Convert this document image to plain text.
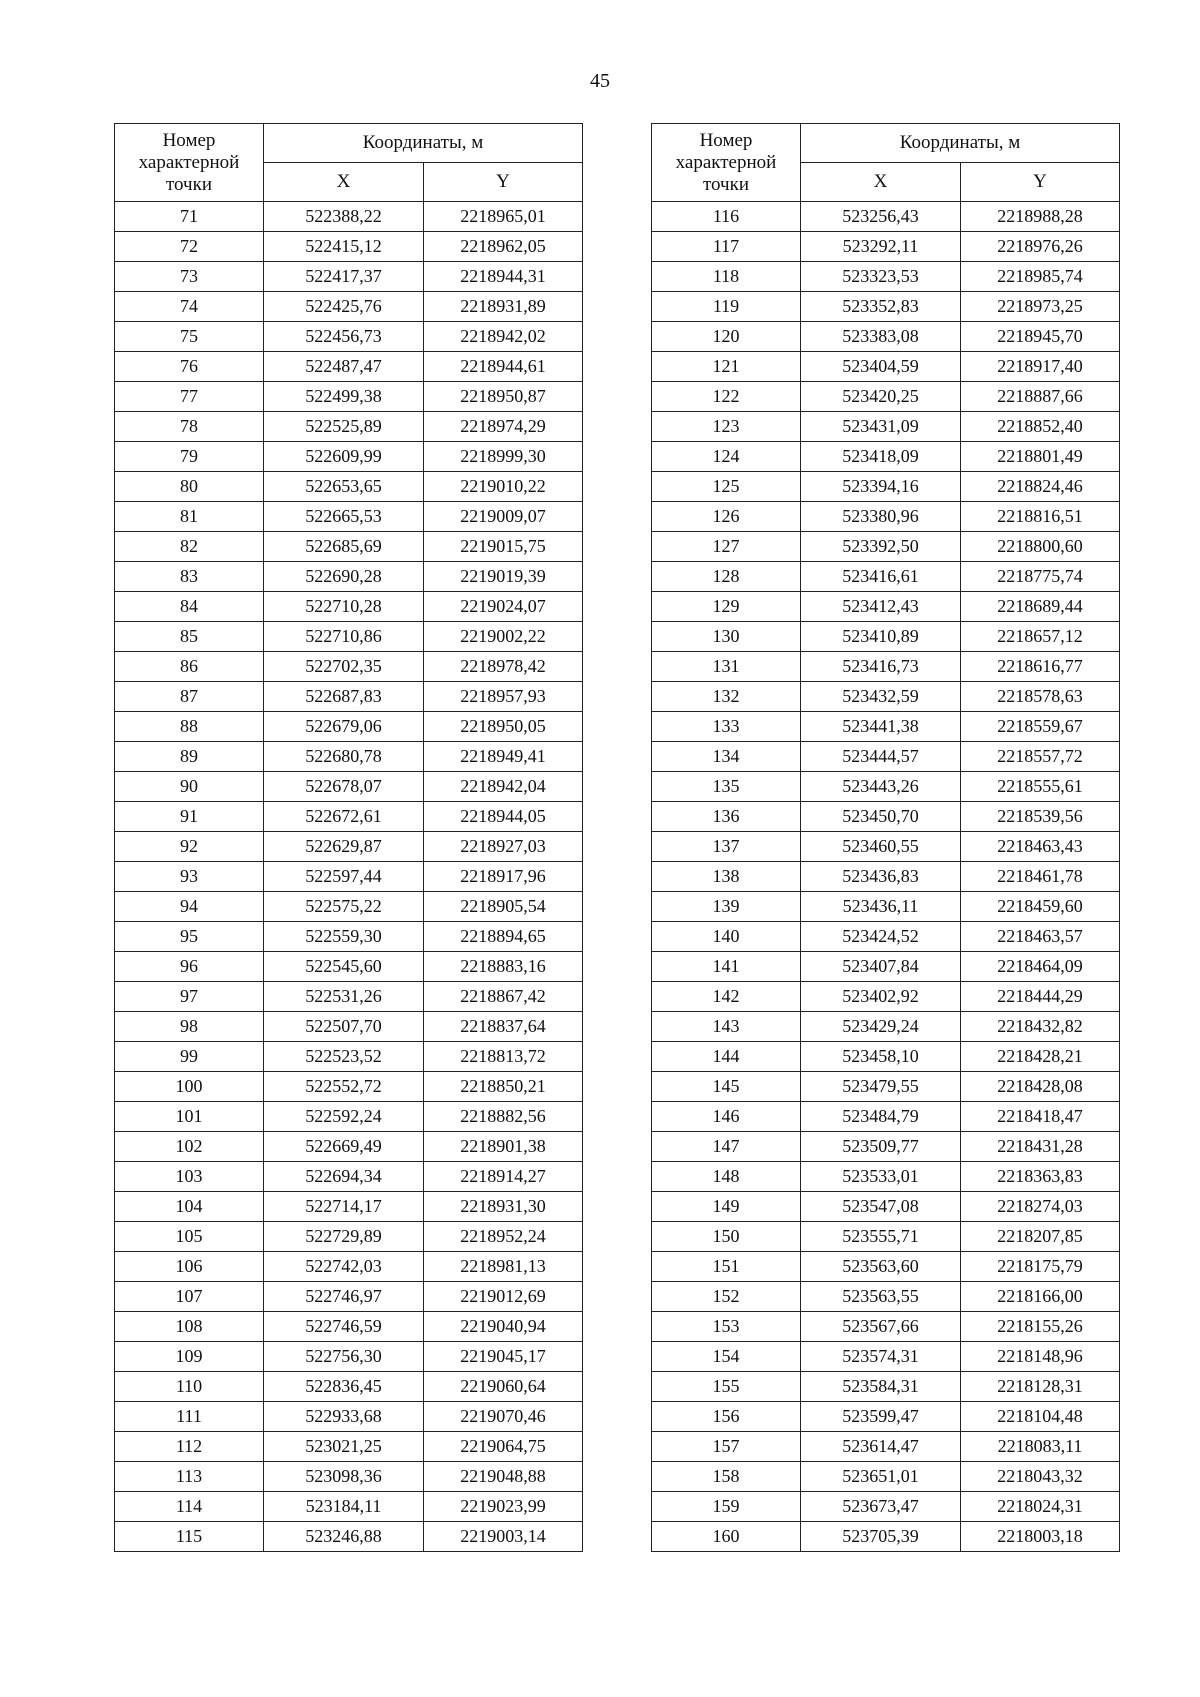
45
Номер характерной точки	Координаты, м	
	X	Y
71	522388,22	2218965,01
72	522415,12	2218962,05
73	522417,37	2218944,31
74	522425,76	2218931,89
75	522456,73	2218942,02
76	522487,47	2218944,61
77	522499,38	2218950,87
78	522525,89	2218974,29
79	522609,99	2218999,30
80	522653,65	2219010,22
81	522665,53	2219009,07
82	522685,69	2219015,75
83	522690,28	2219019,39
84	522710,28	2219024,07
85	522710,86	2219002,22
86	522702,35	2218978,42
87	522687,83	2218957,93
88	522679,06	2218950,05
89	522680,78	2218949,41
90	522678,07	2218942,04
91	522672,61	2218944,05
92	522629,87	2218927,03
93	522597,44	2218917,96
94	522575,22	2218905,54
95	522559,30	2218894,65
96	522545,60	2218883,16
97	522531,26	2218867,42
98	522507,70	2218837,64
99	522523,52	2218813,72
100	522552,72	2218850,21
101	522592,24	2218882,56
102	522669,49	2218901,38
103	522694,34	2218914,27
104	522714,17	2218931,30
105	522729,89	2218952,24
106	522742,03	2218981,13
107	522746,97	2219012,69
108	522746,59	2219040,94
109	522756,30	2219045,17
110	522836,45	2219060,64
111	522933,68	2219070,46
112	523021,25	2219064,75
113	523098,36	2219048,88
114	523184,11	2219023,99
115	523246,88	2219003,14
Номер характерной точки	Координаты, м	
	X	Y
116	523256,43	2218988,28
117	523292,11	2218976,26
118	523323,53	2218985,74
119	523352,83	2218973,25
120	523383,08	2218945,70
121	523404,59	2218917,40
122	523420,25	2218887,66
123	523431,09	2218852,40
124	523418,09	2218801,49
125	523394,16	2218824,46
126	523380,96	2218816,51
127	523392,50	2218800,60
128	523416,61	2218775,74
129	523412,43	2218689,44
130	523410,89	2218657,12
131	523416,73	2218616,77
132	523432,59	2218578,63
133	523441,38	2218559,67
134	523444,57	2218557,72
135	523443,26	2218555,61
136	523450,70	2218539,56
137	523460,55	2218463,43
138	523436,83	2218461,78
139	523436,11	2218459,60
140	523424,52	2218463,57
141	523407,84	2218464,09
142	523402,92	2218444,29
143	523429,24	2218432,82
144	523458,10	2218428,21
145	523479,55	2218428,08
146	523484,79	2218418,47
147	523509,77	2218431,28
148	523533,01	2218363,83
149	523547,08	2218274,03
150	523555,71	2218207,85
151	523563,60	2218175,79
152	523563,55	2218166,00
153	523567,66	2218155,26
154	523574,31	2218148,96
155	523584,31	2218128,31
156	523599,47	2218104,48
157	523614,47	2218083,11
158	523651,01	2218043,32
159	523673,47	2218024,31
160	523705,39	2218003,18
